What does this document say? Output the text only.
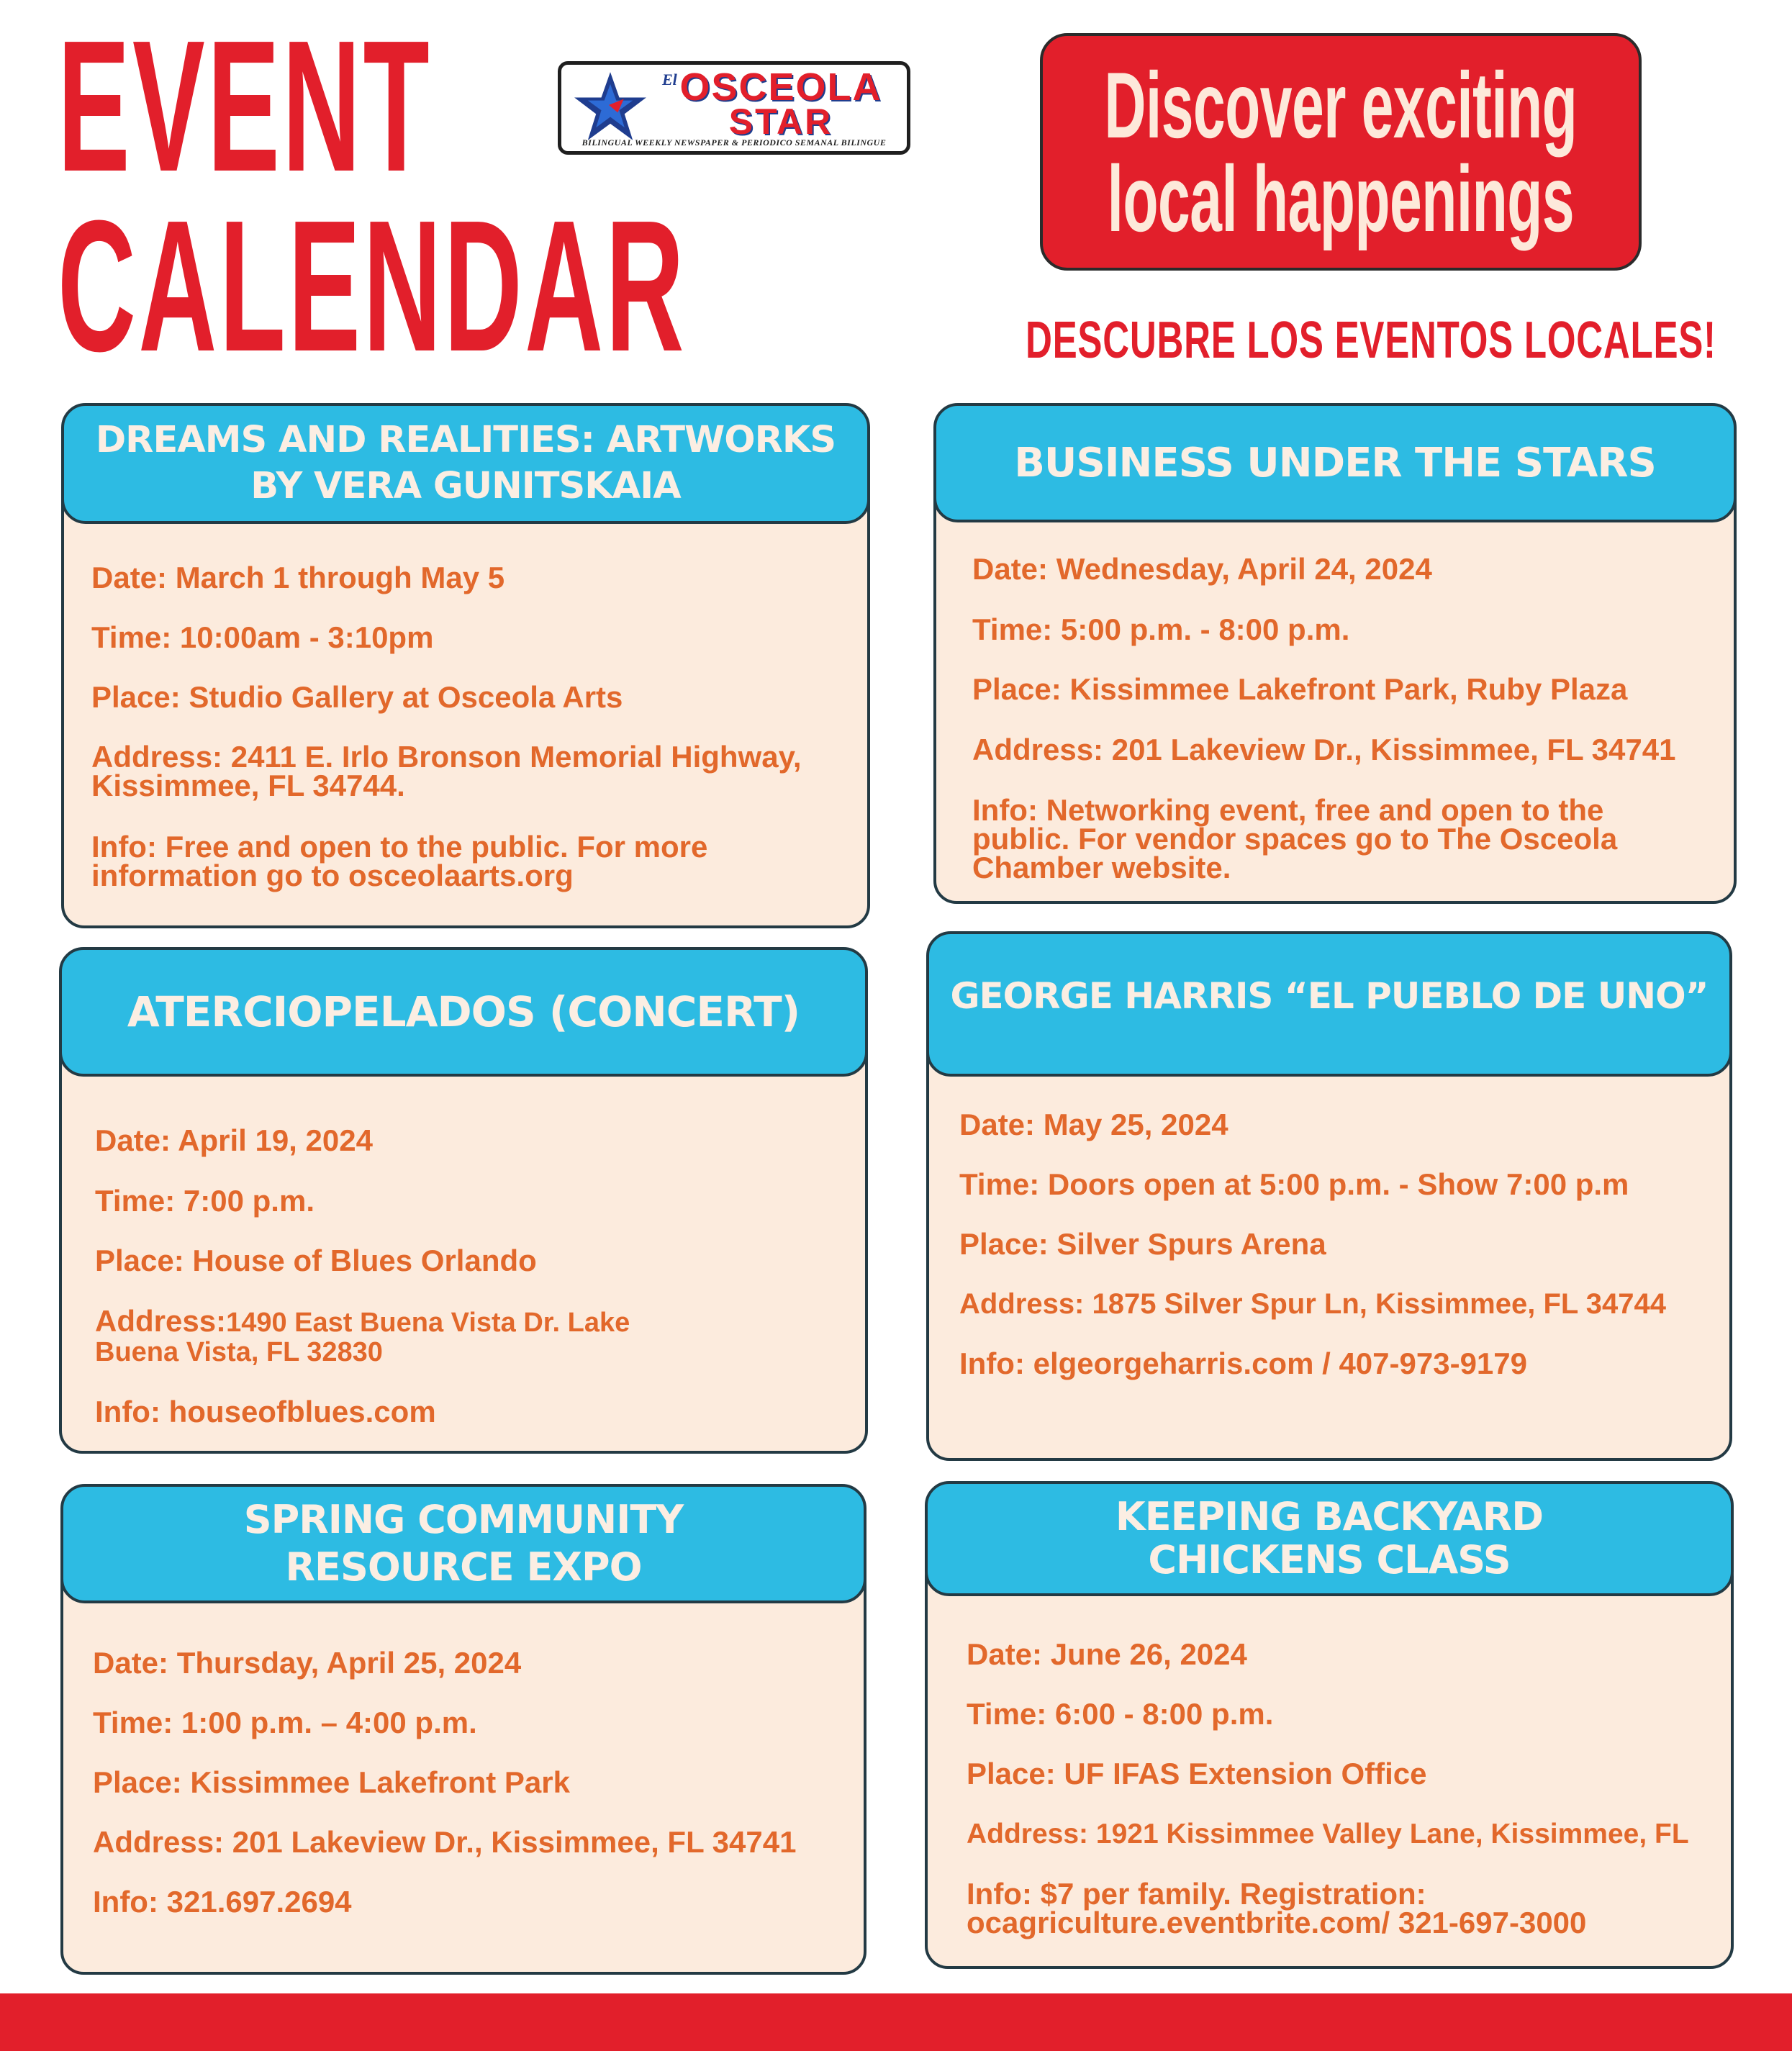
EVENT
CALENDAR
El OSCEOLA
STAR
BILINGUAL WEEKLY NEWSPAPER & PERIODICO SEMANAL BILINGUE Discover exciting
local happenings
DESCUBRE LOS EVENTOS LOCALES!
DREAMS AND REALITIES: ARTWORKS
BY VERA GUNITSKAIA
Date: March 1 through May 5
Time: 10:00am - 3:10pm
Place: Studio Gallery at Osceola Arts
Address: 2411 E. Irlo Bronson Memorial Highway,
Kissimmee, FL 34744.
Info: Free and open to the public. For more
information go to osceolaarts.org
BUSINESS UNDER THE STARS
Date: Wednesday, April 24, 2024
Time: 5:00 p.m. - 8:00 p.m.
Place: Kissimmee Lakefront Park, Ruby Plaza
Address: 201 Lakeview Dr., Kissimmee, FL 34741
Info: Networking event, free and open to the
public. For vendor spaces go to The Osceola
Chamber website.
ATERCIOPELADOS (CONCERT)
Date: April 19, 2024
Time: 7:00 p.m.
Place: House of Blues Orlando
Address:1490 East Buena Vista Dr. Lake
Buena Vista, FL 32830
Info: houseofblues.com
GEORGE HARRIS “EL PUEBLO DE UNO”
Date: May 25, 2024
Time: Doors open at 5:00 p.m. - Show 7:00 p.m
Place: Silver Spurs Arena
Address: 1875 Silver Spur Ln, Kissimmee, FL 34744
Info: elgeorgeharris.com / 407-973-9179
SPRING COMMUNITY
RESOURCE EXPO
Date: Thursday, April 25, 2024
Time: 1:00 p.m. – 4:00 p.m.
Place: Kissimmee Lakefront Park
Address: 201 Lakeview Dr., Kissimmee, FL 34741
Info: 321.697.2694
KEEPING BACKYARD
CHICKENS CLASS
Date: June 26, 2024
Time: 6:00 - 8:00 p.m.
Place: UF IFAS Extension Office
Address: 1921 Kissimmee Valley Lane, Kissimmee, FL
Info: $7 per family. Registration:
ocagriculture.eventbrite.com/ 321-697-3000
